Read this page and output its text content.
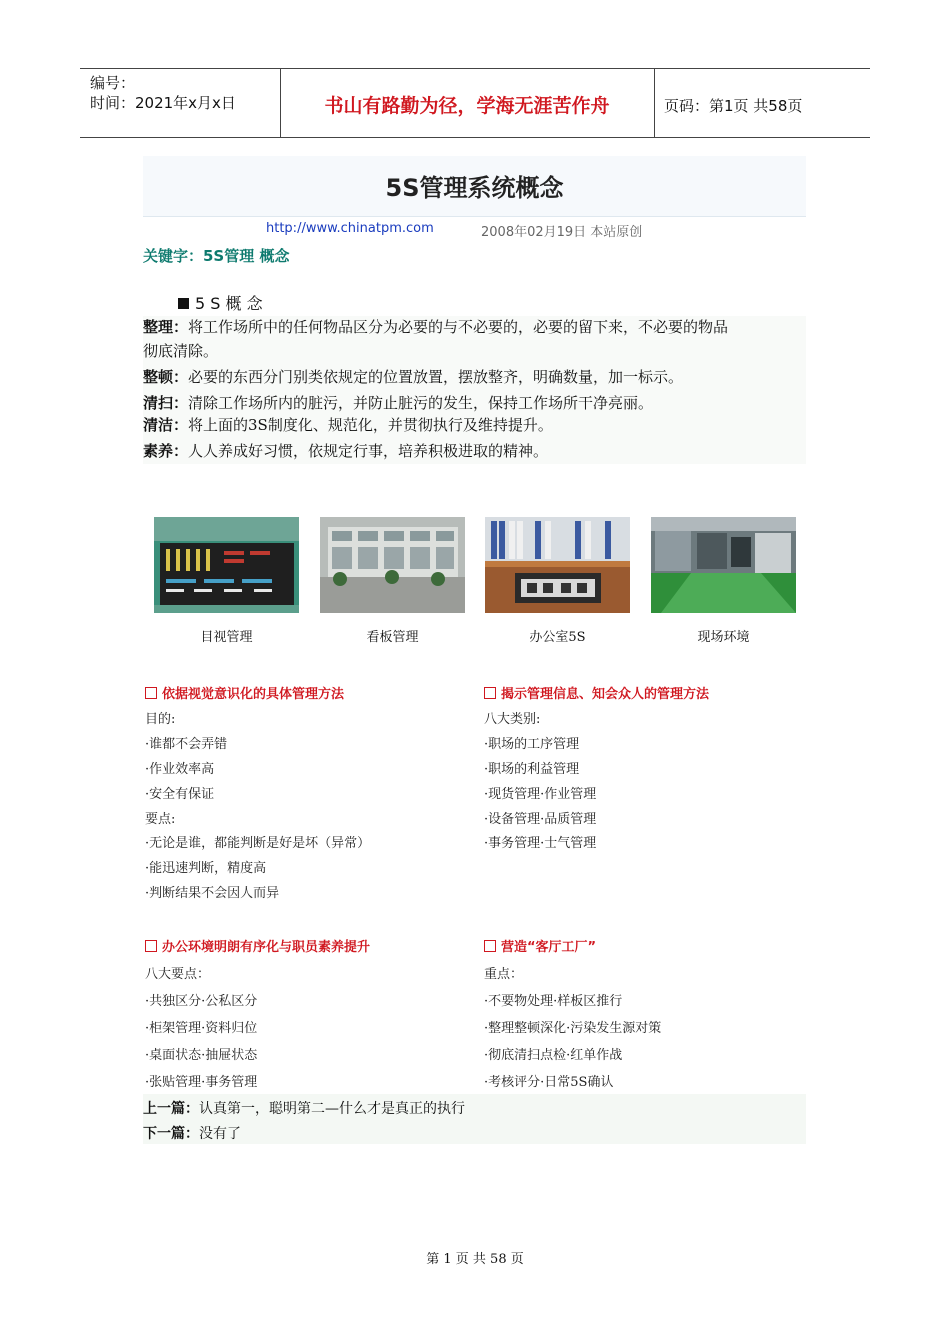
编号：
时间：2021年x月x日	书山有路勤为径，学海无涯苦作舟	页码：第1页 共58页
5S管理系统概念
http://www.chinatpm.com	2008年02月19日 本站原创
关键字：5S管理 概念
5 S 概 念
整理：将工作场所中的任何物品区分为必要的与不必要的，必要的留下来，不必要的物品
彻底清除。
整顿：必要的东西分门别类依规定的位置放置，摆放整齐，明确数量，加一标示。
清扫：清除工作场所内的脏污，并防止脏污的发生，保持工作场所干净亮丽。
清洁：将上面的3S制度化、规范化，并贯彻执行及维持提升。
素养：人人养成好习惯，依规定行事，培养积极进取的精神。
目视管理	看板管理	办公室5S	现场环境
依据视觉意识化的具体管理方法
目的:
·谁都不会弄错
·作业效率高
·安全有保证
要点:
·无论是谁，都能判断是好是坏（异常）
·能迅速判断，精度高
·判断结果不会因人而异
揭示管理信息、知会众人的管理方法
八大类别:
·职场的工序管理
·职场的利益管理
·现货管理·作业管理
·设备管理·品质管理
·事务管理·士气管理
办公环境明朗有序化与职员素养提升
八大要点：
·共独区分·公私区分
·柜架管理·资料归位
·桌面状态·抽屉状态
·张贴管理·事务管理
营造“客厅工厂”
重点：
·不要物处理·样板区推行
·整理整顿深化·污染发生源对策
·彻底清扫点检·红单作战
·考核评分·日常5S确认
上一篇：认真第一，聪明第二—什么才是真正的执行
下一篇：没有了
第 1 页 共 58 页
